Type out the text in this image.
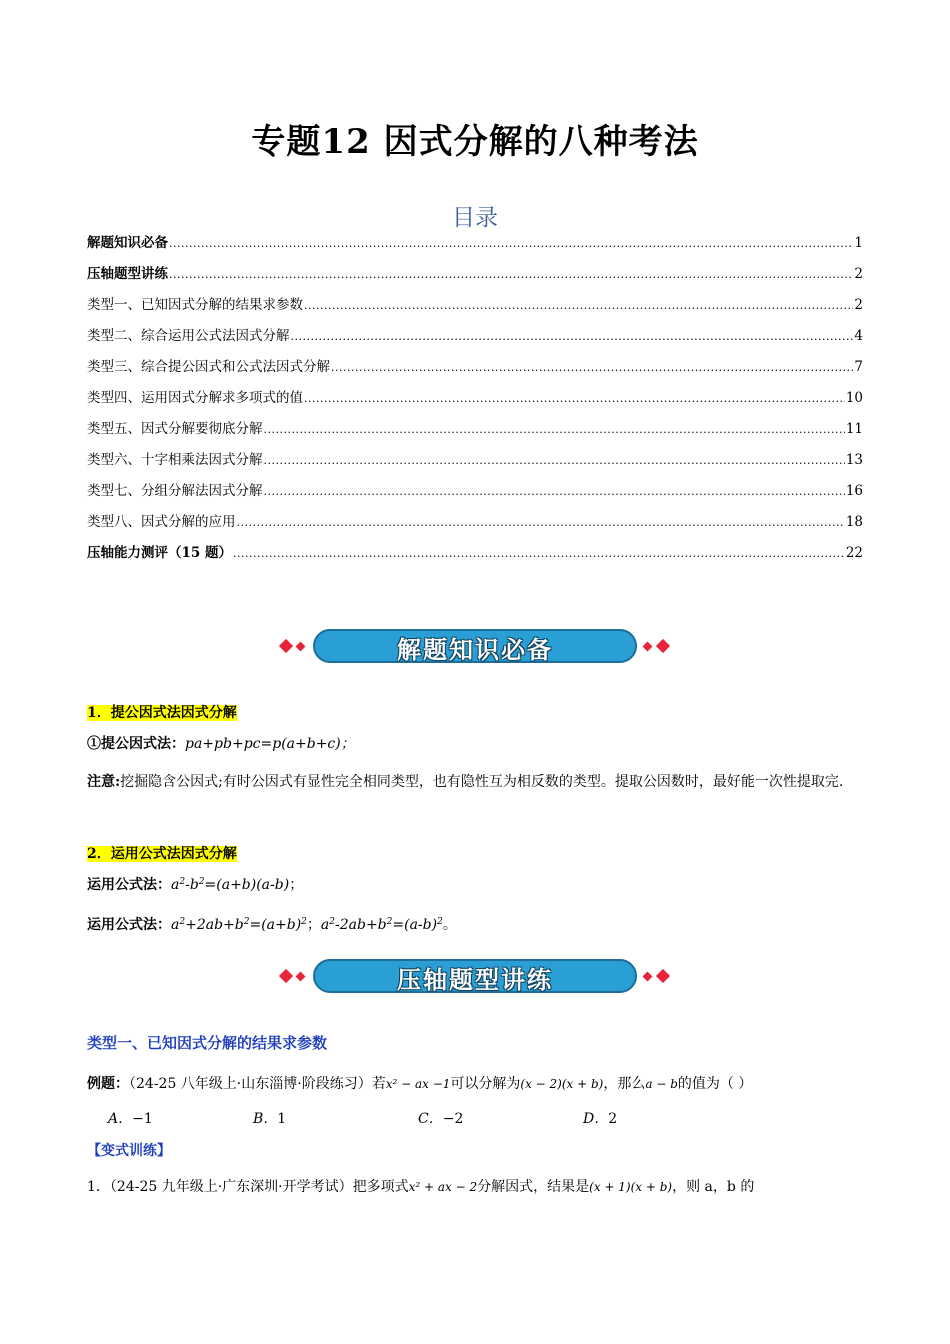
专题12 因式分解的八种考法
目录
解题知识必备 .....	1
压轴题型讲练 .....	2
类型一、已知因式分解的结果求参数 .....	2
类型二、综合运用公式法因式分解 .....	4
类型三、综合提公因式和公式法因式分解 .....	7
类型四、运用因式分解求多项式的值 .....	10
类型五、因式分解要彻底分解 .....	11
类型六、十字相乘法因式分解 .....	13
类型七、分组分解法因式分解 .....	16
类型八、因式分解的应用 .....	18
压轴能力测评（15 题） .....	22
解题知识必备
1．提公因式法因式分解
①提公因式法：pa+pb+pc=p(a+b+c)；
注意:挖掘隐含公因式;有时公因式有显性完全相同类型，也有隐性互为相反数的类型。提取公因数时，最好能一次性提取完.
2．运用公式法因式分解
运用公式法：$a^2-b^2=(a+b)(a-b)$；
运用公式法：$a^2+2ab+b^2=(a+b)^2$；$a^2-2ab+b^2=(a-b)^2$。
压轴题型讲练
类型一、已知因式分解的结果求参数
例题：（24-25 八年级上·山东淄博·阶段练习）若x² − ax −1可以分解为(x − 2)(x + b)，那么a − b的值为（ ）
A．−1	B．1	C．−2	D．2
【变式训练】
1．（24-25 九年级上·广东深圳·开学考试）把多项式x² + ax − 2分解因式，结果是(x + 1)(x + b)，则 a，b 的
